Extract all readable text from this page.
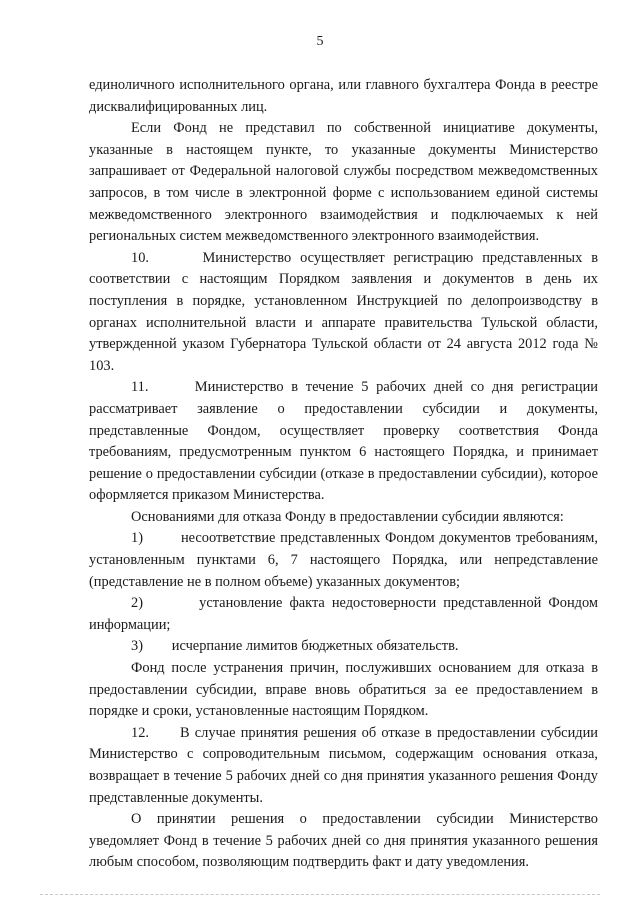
5

единоличного исполнительного органа, или главного бухгалтера Фонда в реестре дисквалифицированных лиц.

Если Фонд не представил по собственной инициативе документы, указанные в настоящем пункте, то указанные документы Министерство запрашивает от Федеральной налоговой службы посредством межведомственных запросов, в том числе в электронной форме с использованием единой системы межведомственного электронного взаимодействия и подключаемых к ней региональных систем межведомственного электронного взаимодействия.

10.      Министерство осуществляет регистрацию представленных в соответствии с настоящим Порядком заявления и документов в день их поступления в порядке, установленном Инструкцией по делопроизводству в органах исполнительной власти и аппарате правительства Тульской области, утвержденной указом Губернатора Тульской области от 24 августа 2012 года № 103.

11.      Министерство в течение 5 рабочих дней со дня регистрации рассматривает заявление о предоставлении субсидии и документы, представленные Фондом, осуществляет проверку соответствия Фонда требованиям, предусмотренным пунктом 6 настоящего Порядка, и принимает решение о предоставлении субсидии (отказе в предоставлении субсидии), которое оформляется приказом Министерства.

Основаниями для отказа Фонду в предоставлении субсидии являются:

1)        несоответствие представленных Фондом документов требованиям, установленным пунктами 6, 7 настоящего Порядка, или непредставление (представление не в полном объеме) указанных документов;

2)        установление факта недостоверности представленной Фондом информации;

3)        исчерпание лимитов бюджетных обязательств.

Фонд после устранения причин, послуживших основанием для отказа в предоставлении субсидии, вправе вновь обратиться за ее предоставлением в порядке и сроки, установленные настоящим Порядком.

12.      В случае принятия решения об отказе в предоставлении субсидии Министерство с сопроводительным письмом, содержащим основания отказа, возвращает в течение 5 рабочих дней со дня принятия указанного решения Фонду представленные документы.

О принятии решения о предоставлении субсидии Министерство уведомляет Фонд в течение 5 рабочих дней со дня принятия указанного решения любым способом, позволяющим подтвердить факт и дату уведомления.
